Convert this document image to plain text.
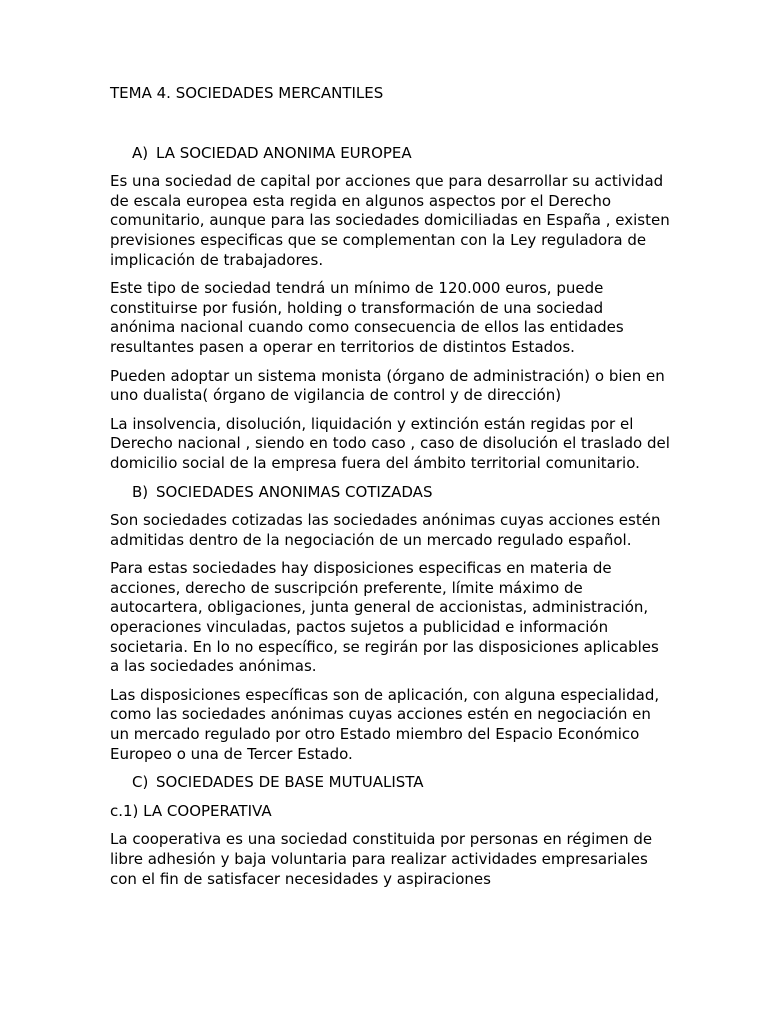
TEMA 4. SOCIEDADES MERCANTILES
A) LA SOCIEDAD ANONIMA EUROPEA

Es una sociedad de capital por acciones que para desarrollar su actividad de escala europea esta regida en algunos aspectos por el Derecho comunitario, aunque para las sociedades domiciliadas en España , existen previsiones especificas que se complementan con la Ley reguladora de implicación de trabajadores.

Este tipo de sociedad tendrá un mínimo de 120.000 euros, puede constituirse por fusión, holding o transformación de una sociedad anónima nacional cuando como consecuencia de ellos las entidades resultantes pasen a operar en territorios de distintos Estados.

Pueden adoptar un sistema monista (órgano de administración) o bien en uno dualista( órgano de vigilancia de control y de dirección)

La insolvencia, disolución, liquidación y extinción están regidas por el Derecho nacional , siendo en todo caso , caso de disolución el traslado del domicilio social de la empresa fuera del ámbito territorial comunitario.

B) SOCIEDADES ANONIMAS COTIZADAS

Son sociedades cotizadas las sociedades anónimas cuyas acciones estén admitidas dentro de la negociación de un mercado regulado español.

Para estas sociedades hay disposiciones especificas en materia de acciones, derecho de suscripción preferente, límite máximo de autocartera, obligaciones, junta general de accionistas, administración, operaciones vinculadas, pactos sujetos a publicidad e información societaria. En lo no específico, se regirán por las disposiciones aplicables a las sociedades anónimas.

Las disposiciones específicas son de aplicación, con alguna especialidad, como las sociedades anónimas cuyas acciones estén en negociación en un mercado regulado por otro Estado miembro del Espacio Económico Europeo o una de Tercer Estado.

C) SOCIEDADES DE BASE MUTUALISTA
c.1) LA COOPERATIVA

La cooperativa es una sociedad constituida por personas en régimen de libre adhesión y baja voluntaria para realizar actividades empresariales con el fin de satisfacer necesidades y aspiraciones
